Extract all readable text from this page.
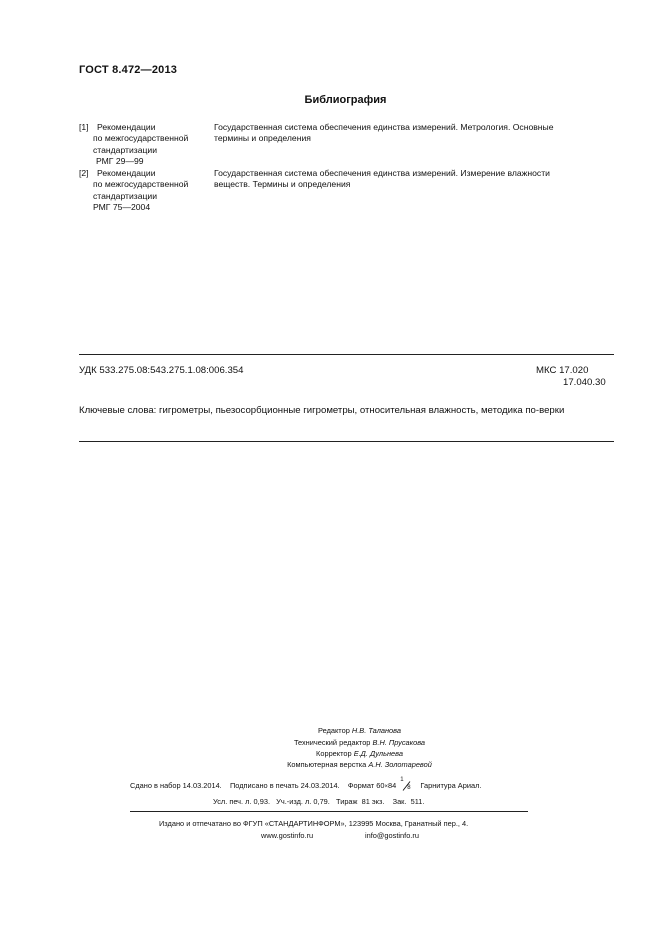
ГОСТ 8.472—2013
Библиография
[1] Рекомендации
по межгосударственной
стандартизации
РМГ 29—99
Государственная система обеспечения единства измерений. Метрология. Основные
термины и определения
[2] Рекомендации
по межгосударственной
стандартизации
РМГ 75—2004
Государственная система обеспечения единства измерений. Измерение влажности
веществ. Термины и определения
УДК 533.275.08:543.275.1.08:006.354	МКС 17.020
17.040.30
Ключевые слова: гигрометры, пьезосорбционные гигрометры, относительная влажность, методика по-верки
Редактор Н.В. Таланова
Технический редактор В.Н. Прусакова
Корректор Е.Д. Дульнева
Компьютерная верстка А.Н. Золотаревой
Сдано в набор 14.03.2014. Подписано в печать 24.03.2014. Формат 60×84
1
8 Гарнитура Ариал.
Усл. печ. л. 0,93.   Уч.-изд. л. 0,79.   Тираж  81 экз.    Зак.  511.
Издано и отпечатано во ФГУП «СТАНДАРТИНФОРМ», 123995 Москва, Гранатный пер., 4.
www.gostinfo.ru	info@gostinfo.ru
